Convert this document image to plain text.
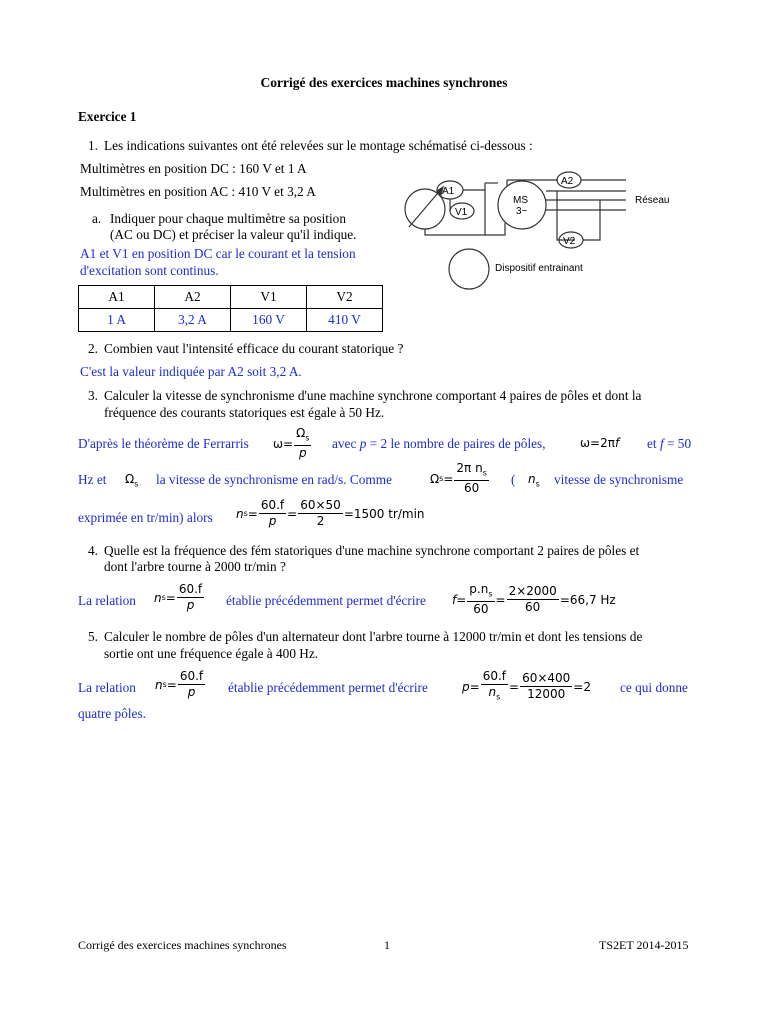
Corrigé des exercices machines synchrones
Exercice 1
1. Les indications suivantes ont été relevées sur le montage schématisé ci-dessous :
Multimètres en position DC : 160 V et 1 A
Multimètres en position AC : 410 V et 3,2 A
a. Indiquer pour chaque multimètre sa position
(AC ou DC) et préciser la valeur qu'il indique.
A1 et V1 en position DC car le courant et la tension
d'excitation sont continus.
A1	A2	V1	V2
1 A	3,2 A	160 V	410 V
A1
V1
MS
3~
A2
V2
Réseau
Dispositif entrainant
2. Combien vaut l'intensité efficace du courant statorique ?
C'est la valeur indiquée par A2 soit 3,2 A.
3. Calculer la vitesse de synchronisme d'une machine synchrone comportant 4 paires de pôles et dont la
fréquence des courants statoriques est égale à 50 Hz.
D'après le théorème de Ferrarris $\omega= \frac{\Omega_s}{p}$ avec p = 2 le nombre de paires de pôles,	ω=2π f et f = 50
Hz et $\Omega_s$ la vitesse de synchronisme en rad/s. Comme	Ω $s = \frac{2\pi n_s}{60}$ ( $n_s$ vitesse de synchronisme
exprimée en tr/min) alors n $s = \frac{60.f}{p} = \frac{60\times 50}{2} =1500$ tr/min
4. Quelle est la fréquence des fém statoriques d'une machine synchrone comportant 2 paires de pôles et
dont l'arbre tourne à 2000 tr/min ?
La relation n $s = \frac{60.f}{p}$ établie précédemment permet d'écrire $f = \frac{p.n_s}{60} = \frac{2\times 2000}{60} =66,7$ Hz
5. Calculer le nombre de pôles d'un alternateur dont l'arbre tourne à 12000 tr/min et dont les tensions de
sortie ont une fréquence égale à 400 Hz.
La relation n $s = \frac{60.f}{p}$ établie précédemment permet d'écrire	$p = \frac{60.f}{n_s} = \frac{60\times 400}{12000} =2$ ce qui donne
quatre pôles.
Corrigé des exercices machines synchrones	1	TS2ET 2014-2015
